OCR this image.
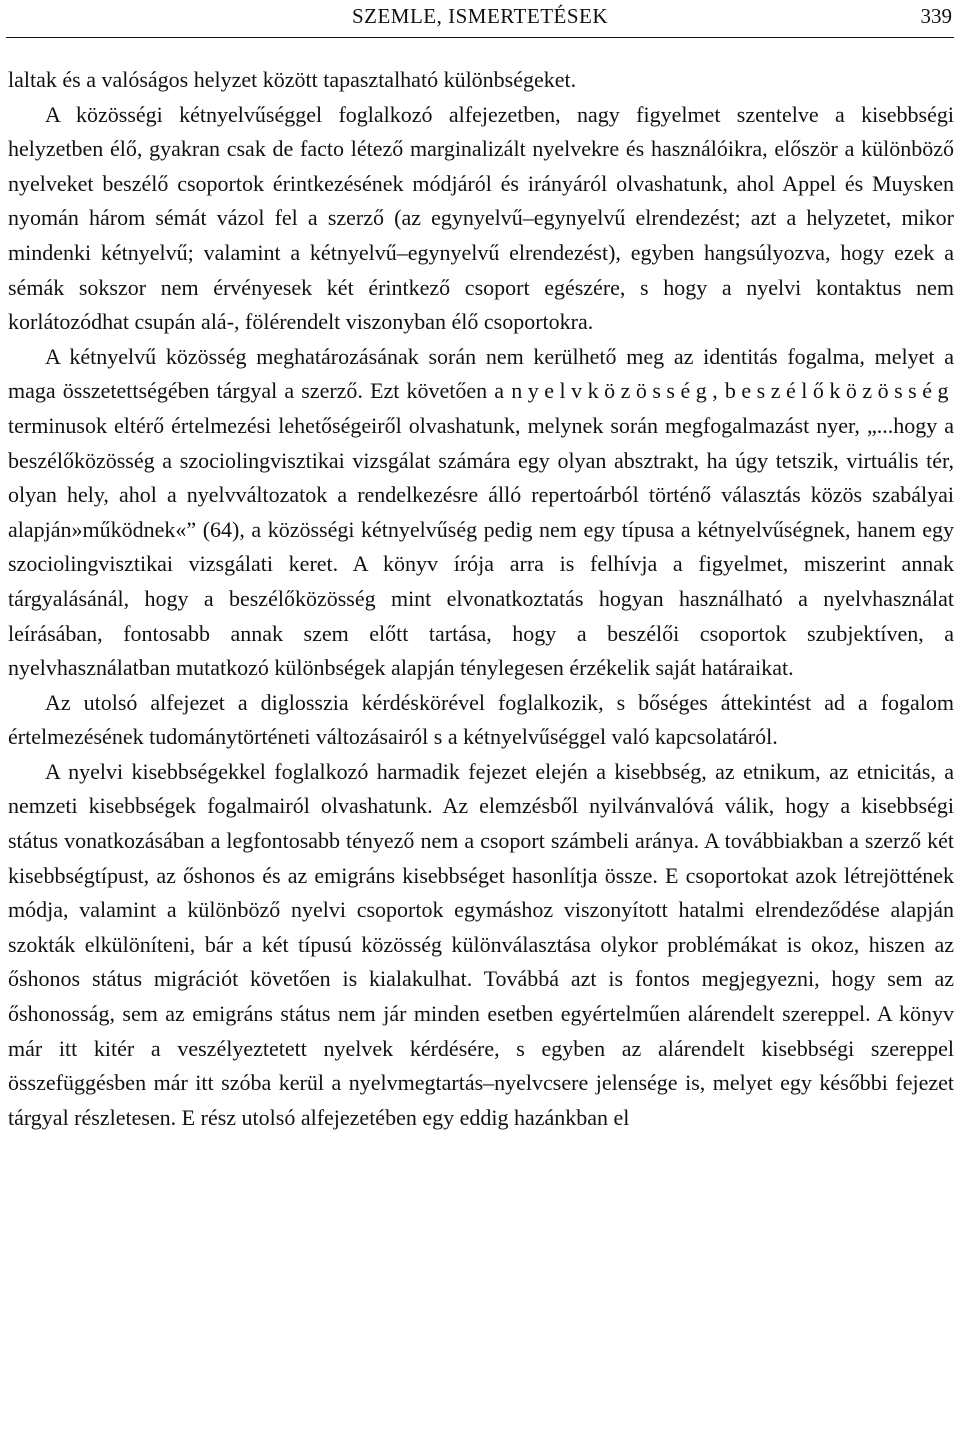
SZEMLE, ISMERTETÉSEK	339

laltak és a valóságos helyzet között tapasztalható különbségeket.

A közösségi kétnyelvűséggel foglalkozó alfejezetben, nagy figyelmet szentelve a kisebbségi helyzetben élő, gyakran csak de facto létező marginalizált nyelvekre és használóikra, először a különböző nyelveket beszélő csoportok érintkezésének módjáról és irányáról olvashatunk, ahol Appel és Muysken nyomán három sémát vázol fel a szerző (az egynyelvű–egynyelvű elrendezést; azt a helyzetet, mikor mindenki kétnyelvű; valamint a kétnyelvű–egynyelvű elrendezést), egyben hangsúlyozva, hogy ezek a sémák sokszor nem érvényesek két érintkező csoport egészére, s hogy a nyelvi kontaktus nem korlátozódhat csupán alá-, fölérendelt viszonyban élő csoportokra.

A kétnyelvű közösség meghatározásának során nem kerülhető meg az identitás fogalma, melyet a maga összetettségében tárgyal a szerző. Ezt követően a nyelvközösség, beszélőközösség terminusok eltérő értelmezési lehetőségeiről olvashatunk, melynek során megfogalmazást nyer, „...hogy a beszélőközösség a szociolingvisztikai vizsgálat számára egy olyan absztrakt, ha úgy tetszik, virtuális tér, olyan hely, ahol a nyelvváltozatok a rendelkezésre álló repertoárból történő választás közös szabályai alapján»működnek«” (64), a közösségi kétnyelvűség pedig nem egy típusa a kétnyelvűségnek, hanem egy szociolingvisztikai vizsgálati keret. A könyv írója arra is felhívja a figyelmet, miszerint annak tárgyalásánál, hogy a beszélőközösség mint elvonatkoztatás hogyan használható a nyelvhasználat leírásában, fontosabb annak szem előtt tartása, hogy a beszélői csoportok szubjektíven, a nyelvhasználatban mutatkozó különbségek alapján ténylegesen érzékelik saját határaikat.

Az utolsó alfejezet a diglosszia kérdéskörével foglalkozik, s bőséges áttekintést ad a fogalom értelmezésének tudománytörténeti változásairól s a kétnyelvűséggel való kapcsolatáról.

A nyelvi kisebbségekkel foglalkozó harmadik fejezet elején a kisebbség, az etnikum, az etnicitás, a nemzeti kisebbségek fogalmairól olvashatunk. Az elemzésből nyilvánvalóvá válik, hogy a kisebbségi státus vonatkozásában a legfontosabb tényező nem a csoport számbeli aránya. A továbbiakban a szerző két kisebbségtípust, az őshonos és az emigráns kisebbséget hasonlítja össze. E csoportokat azok létrejöttének módja, valamint a különböző nyelvi csoportok egymáshoz viszonyított hatalmi elrendeződése alapján szokták elkülöníteni, bár a két típusú közösség különválasztása olykor problémákat is okoz, hiszen az őshonos státus migrációt követően is kialakulhat. Továbbá azt is fontos megjegyezni, hogy sem az őshonosság, sem az emigráns státus nem jár minden esetben egyértelműen alárendelt szereppel. A könyv már itt kitér a veszélyeztetett nyelvek kérdésére, s egyben az alárendelt kisebbségi szereppel összefüggésben már itt szóba kerül a nyelvmegtartás–nyelvcsere jelensége is, melyet egy későbbi fejezet tárgyal részletesen. E rész utolsó alfejezetében egy eddig hazánkban el
